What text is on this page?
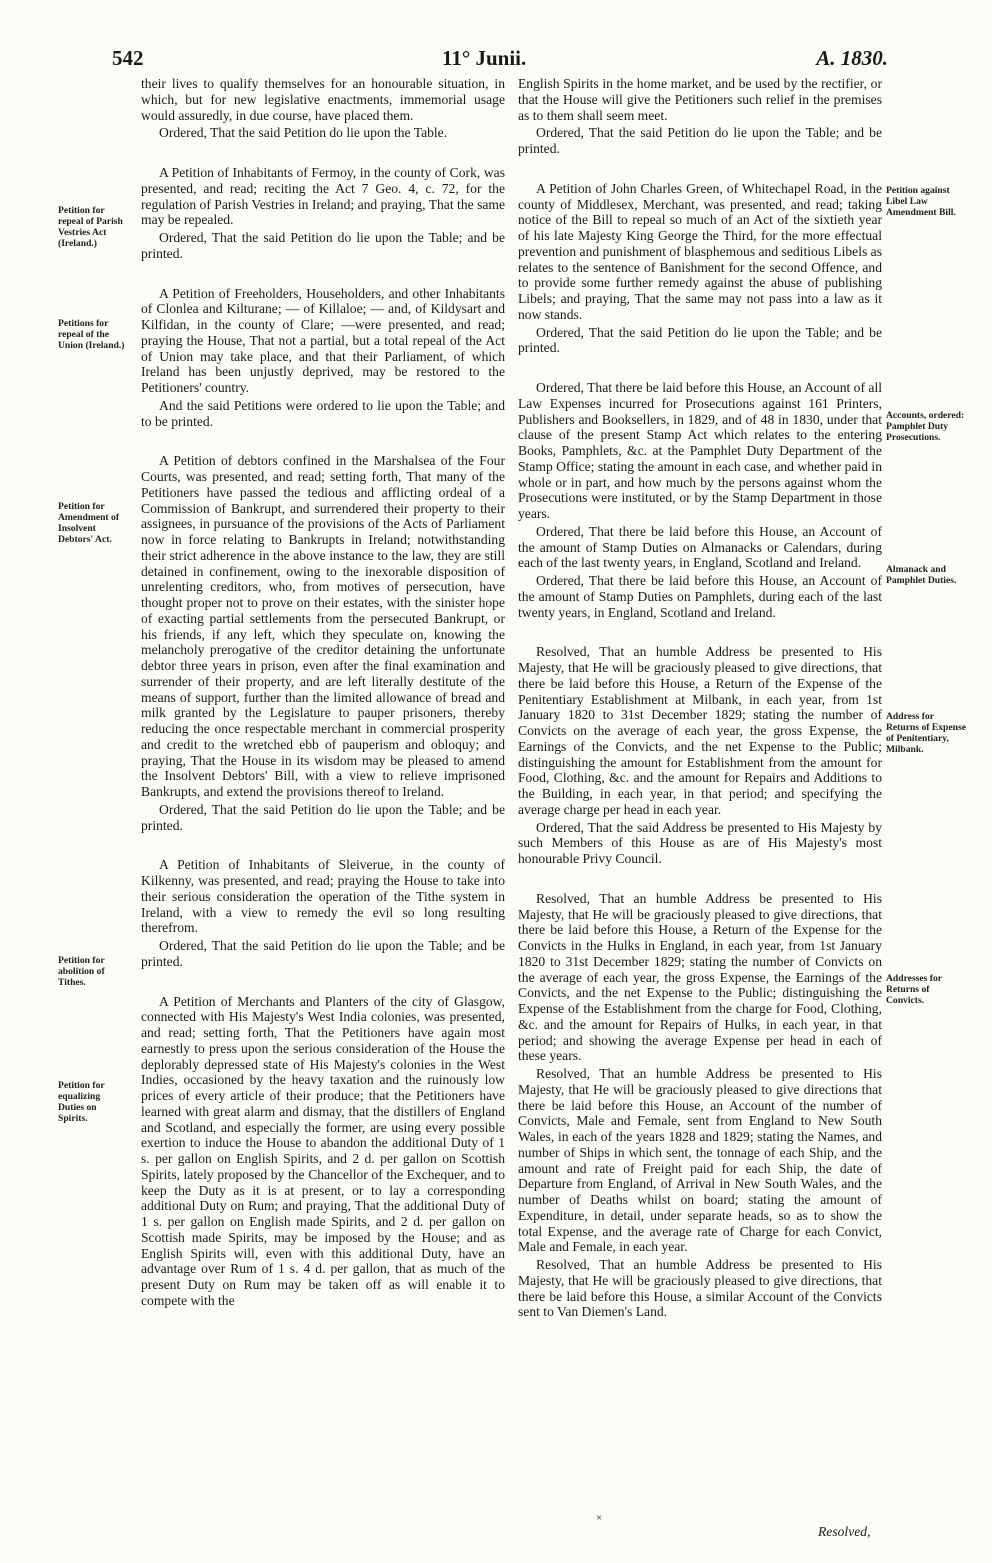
542	11° Junii.	A. 1830.

their lives to qualify themselves for an honourable situation, in which, but for new legislative enactments, immemorial usage would assuredly, in due course, have placed them.

Ordered, That the said Petition do lie upon the Table.

A Petition of Inhabitants of Fermoy, in the county of Cork, was presented, and read; reciting the Act 7 Geo. 4, c. 72, for the regulation of Parish Vestries in Ireland; and praying, That the same may be repealed.

Ordered, That the said Petition do lie upon the Table; and be printed.

A Petition of Freeholders, Householders, and other Inhabitants of Clonlea and Kilturane; — of Killaloe; — and, of Kildysart and Kilfidan, in the county of Clare; —were presented, and read; praying the House, That not a partial, but a total repeal of the Act of Union may take place, and that their Parliament, of which Ireland has been unjustly deprived, may be restored to the Petitioners' country.

And the said Petitions were ordered to lie upon the Table; and to be printed.

A Petition of debtors confined in the Marshalsea of the Four Courts, was presented, and read; setting forth, That many of the Petitioners have passed the tedious and afflicting ordeal of a Commission of Bankrupt, and surrendered their property to their assignees, in pursuance of the provisions of the Acts of Parliament now in force relating to Bankrupts in Ireland; notwithstanding their strict adherence in the above instance to the law, they are still detained in confinement, owing to the inexorable disposition of unrelenting creditors, who, from motives of persecution, have thought proper not to prove on their estates, with the sinister hope of exacting partial settlements from the persecuted Bankrupt, or his friends, if any left, which they speculate on, knowing the melancholy prerogative of the creditor detaining the unfortunate debtor three years in prison, even after the final examination and surrender of their property, and are left literally destitute of the means of support, further than the limited allowance of bread and milk granted by the Legislature to pauper prisoners, thereby reducing the once respectable merchant in commercial prosperity and credit to the wretched ebb of pauperism and obloquy; and praying, That the House in its wisdom may be pleased to amend the Insolvent Debtors' Bill, with a view to relieve imprisoned Bankrupts, and extend the provisions thereof to Ireland.

Ordered, That the said Petition do lie upon the Table; and be printed.

A Petition of Inhabitants of Sleiverue, in the county of Kilkenny, was presented, and read; praying the House to take into their serious consideration the operation of the Tithe system in Ireland, with a view to remedy the evil so long resulting therefrom.

Ordered, That the said Petition do lie upon the Table; and be printed.

A Petition of Merchants and Planters of the city of Glasgow, connected with His Majesty's West India colonies, was presented, and read; setting forth, That the Petitioners have again most earnestly to press upon the serious consideration of the House the deplorably depressed state of His Majesty's colonies in the West Indies, occasioned by the heavy taxation and the ruinously low prices of every article of their produce; that the Petitioners have learned with great alarm and dismay, that the distillers of England and Scotland, and especially the former, are using every possible exertion to induce the House to abandon the additional Duty of 1 s. per gallon on English Spirits, and 2 d. per gallon on Scottish Spirits, lately proposed by the Chancellor of the Exchequer, and to keep the Duty as it is at present, or to lay a corresponding additional Duty on Rum; and praying, That the additional Duty of 1 s. per gallon on English made Spirits, and 2 d. per gallon on Scottish made Spirits, may be imposed by the House; and as English Spirits will, even with this additional Duty, have an advantage over Rum of 1 s. 4 d. per gallon, that as much of the present Duty on Rum may be taken off as will enable it to compete with the

English Spirits in the home market, and be used by the rectifier, or that the House will give the Petitioners such relief in the premises as to them shall seem meet.

Ordered, That the said Petition do lie upon the Table; and be printed.

A Petition of John Charles Green, of Whitechapel Road, in the county of Middlesex, Merchant, was presented, and read; taking notice of the Bill to repeal so much of an Act of the sixtieth year of his late Majesty King George the Third, for the more effectual prevention and punishment of blasphemous and seditious Libels as relates to the sentence of Banishment for the second Offence, and to provide some further remedy against the abuse of publishing Libels; and praying, That the same may not pass into a law as it now stands.

Ordered, That the said Petition do lie upon the Table; and be printed.

Ordered, That there be laid before this House, an Account of all Law Expenses incurred for Prosecutions against 161 Printers, Publishers and Booksellers, in 1829, and of 48 in 1830, under that clause of the present Stamp Act which relates to the entering Books, Pamphlets, &c. at the Pamphlet Duty Department of the Stamp Office; stating the amount in each case, and whether paid in whole or in part, and how much by the persons against whom the Prosecutions were instituted, or by the Stamp Department in those years.

Ordered, That there be laid before this House, an Account of the amount of Stamp Duties on Almanacks or Calendars, during each of the last twenty years, in England, Scotland and Ireland.

Ordered, That there be laid before this House, an Account of the amount of Stamp Duties on Pamphlets, during each of the last twenty years, in England, Scotland and Ireland.

Resolved, That an humble Address be presented to His Majesty, that He will be graciously pleased to give directions, that there be laid before this House, a Return of the Expense of the Penitentiary Establishment at Milbank, in each year, from 1st January 1820 to 31st December 1829; stating the number of Convicts on the average of each year, the gross Expense, the Earnings of the Convicts, and the net Expense to the Public; distinguishing the amount for Establishment from the amount for Food, Clothing, &c. and the amount for Repairs and Additions to the Building, in each year, in that period; and specifying the average charge per head in each year.

Ordered, That the said Address be presented to His Majesty by such Members of this House as are of His Majesty's most honourable Privy Council.

Resolved, That an humble Address be presented to His Majesty, that He will be graciously pleased to give directions, that there be laid before this House, a Return of the Expense for the Convicts in the Hulks in England, in each year, from 1st January 1820 to 31st December 1829; stating the number of Convicts on the average of each year, the gross Expense, the Earnings of the Convicts, and the net Expense to the Public; distinguishing the Expense of the Establishment from the charge for Food, Clothing, &c. and the amount for Repairs of Hulks, in each year, in that period; and showing the average Expense per head in each of these years.

Resolved, That an humble Address be presented to His Majesty, that He will be graciously pleased to give directions that there be laid before this House, an Account of the number of Convicts, Male and Female, sent from England to New South Wales, in each of the years 1828 and 1829; stating the Names, and number of Ships in which sent, the tonnage of each Ship, and the amount and rate of Freight paid for each Ship, the date of Departure from England, of Arrival in New South Wales, and the number of Deaths whilst on board; stating the amount of Expenditure, in detail, under separate heads, so as to show the total Expense, and the average rate of Charge for each Convict, Male and Female, in each year.

Resolved, That an humble Address be presented to His Majesty, that He will be graciously pleased to give directions, that there be laid before this House, a similar Account of the Convicts sent to Van Diemen's Land.

Petition for repeal of Parish Vestries Act (Ireland.)
Petitions for repeal of the Union (Ireland.)
Petition for Amendment of Insolvent Debtors' Act.
Petition for abolition of Tithes.
Petition for equalizing Duties on Spirits.
Petition against Libel Law Amendment Bill.
Accounts, ordered: Pamphlet Duty Prosecutions.
Almanack and Pamphlet Duties.
Address for Returns of Expense of Penitentiary, Milbank.
Addresses for Returns of Convicts.
×
Resolved,
